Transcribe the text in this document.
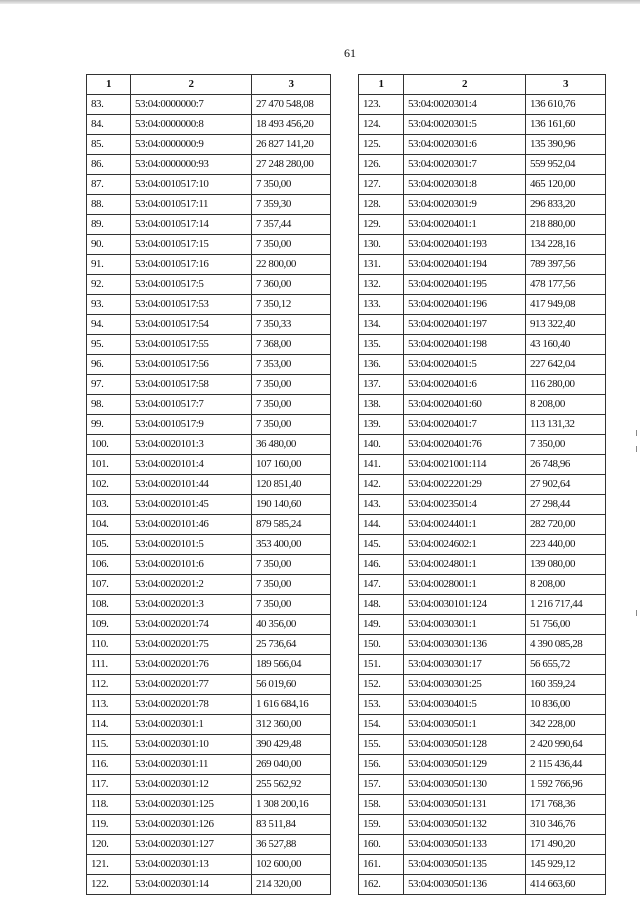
61
1	2	3
83.	53:04:0000000:7	27 470 548,08
84.	53:04:0000000:8	18 493 456,20
85.	53:04:0000000:9	26 827 141,20
86.	53:04:0000000:93	27 248 280,00
87.	53:04:0010517:10	7 350,00
88.	53:04:0010517:11	7 359,30
89.	53:04:0010517:14	7 357,44
90.	53:04:0010517:15	7 350,00
91.	53:04:0010517:16	22 800,00
92.	53:04:0010517:5	7 360,00
93.	53:04:0010517:53	7 350,12
94.	53:04:0010517:54	7 350,33
95.	53:04:0010517:55	7 368,00
96.	53:04:0010517:56	7 353,00
97.	53:04:0010517:58	7 350,00
98.	53:04:0010517:7	7 350,00
99.	53:04:0010517:9	7 350,00
100.	53:04:0020101:3	36 480,00
101.	53:04:0020101:4	107 160,00
102.	53:04:0020101:44	120 851,40
103.	53:04:0020101:45	190 140,60
104.	53:04:0020101:46	879 585,24
105.	53:04:0020101:5	353 400,00
106.	53:04:0020101:6	7 350,00
107.	53:04:0020201:2	7 350,00
108.	53:04:0020201:3	7 350,00
109.	53:04:0020201:74	40 356,00
110.	53:04:0020201:75	25 736,64
111.	53:04:0020201:76	189 566,04
112.	53:04:0020201:77	56 019,60
113.	53:04:0020201:78	1 616 684,16
114.	53:04:0020301:1	312 360,00
115.	53:04:0020301:10	390 429,48
116.	53:04:0020301:11	269 040,00
117.	53:04:0020301:12	255 562,92
118.	53:04:0020301:125	1 308 200,16
119.	53:04:0020301:126	83 511,84
120.	53:04:0020301:127	36 527,88
121.	53:04:0020301:13	102 600,00
122.	53:04:0020301:14	214 320,00
1	2	3
123.	53:04:0020301:4	136 610,76
124.	53:04:0020301:5	136 161,60
125.	53:04:0020301:6	135 390,96
126.	53:04:0020301:7	559 952,04
127.	53:04:0020301:8	465 120,00
128.	53:04:0020301:9	296 833,20
129.	53:04:0020401:1	218 880,00
130.	53:04:0020401:193	134 228,16
131.	53:04:0020401:194	789 397,56
132.	53:04:0020401:195	478 177,56
133.	53:04:0020401:196	417 949,08
134.	53:04:0020401:197	913 322,40
135.	53:04:0020401:198	43 160,40
136.	53:04:0020401:5	227 642,04
137.	53:04:0020401:6	116 280,00
138.	53:04:0020401:60	8 208,00
139.	53:04:0020401:7	113 131,32
140.	53:04:0020401:76	7 350,00
141.	53:04:0021001:114	26 748,96
142.	53:04:0022201:29	27 902,64
143.	53:04:0023501:4	27 298,44
144.	53:04:0024401:1	282 720,00
145.	53:04:0024602:1	223 440,00
146.	53:04:0024801:1	139 080,00
147.	53:04:0028001:1	8 208,00
148.	53:04:0030101:124	1 216 717,44
149.	53:04:0030301:1	51 756,00
150.	53:04:0030301:136	4 390 085,28
151.	53:04:0030301:17	56 655,72
152.	53:04:0030301:25	160 359,24
153.	53:04:0030401:5	10 836,00
154.	53:04:0030501:1	342 228,00
155.	53:04:0030501:128	2 420 990,64
156.	53:04:0030501:129	2 115 436,44
157.	53:04:0030501:130	1 592 766,96
158.	53:04:0030501:131	171 768,36
159.	53:04:0030501:132	310 346,76
160.	53:04:0030501:133	171 490,20
161.	53:04:0030501:135	145 929,12
162.	53:04:0030501:136	414 663,60
